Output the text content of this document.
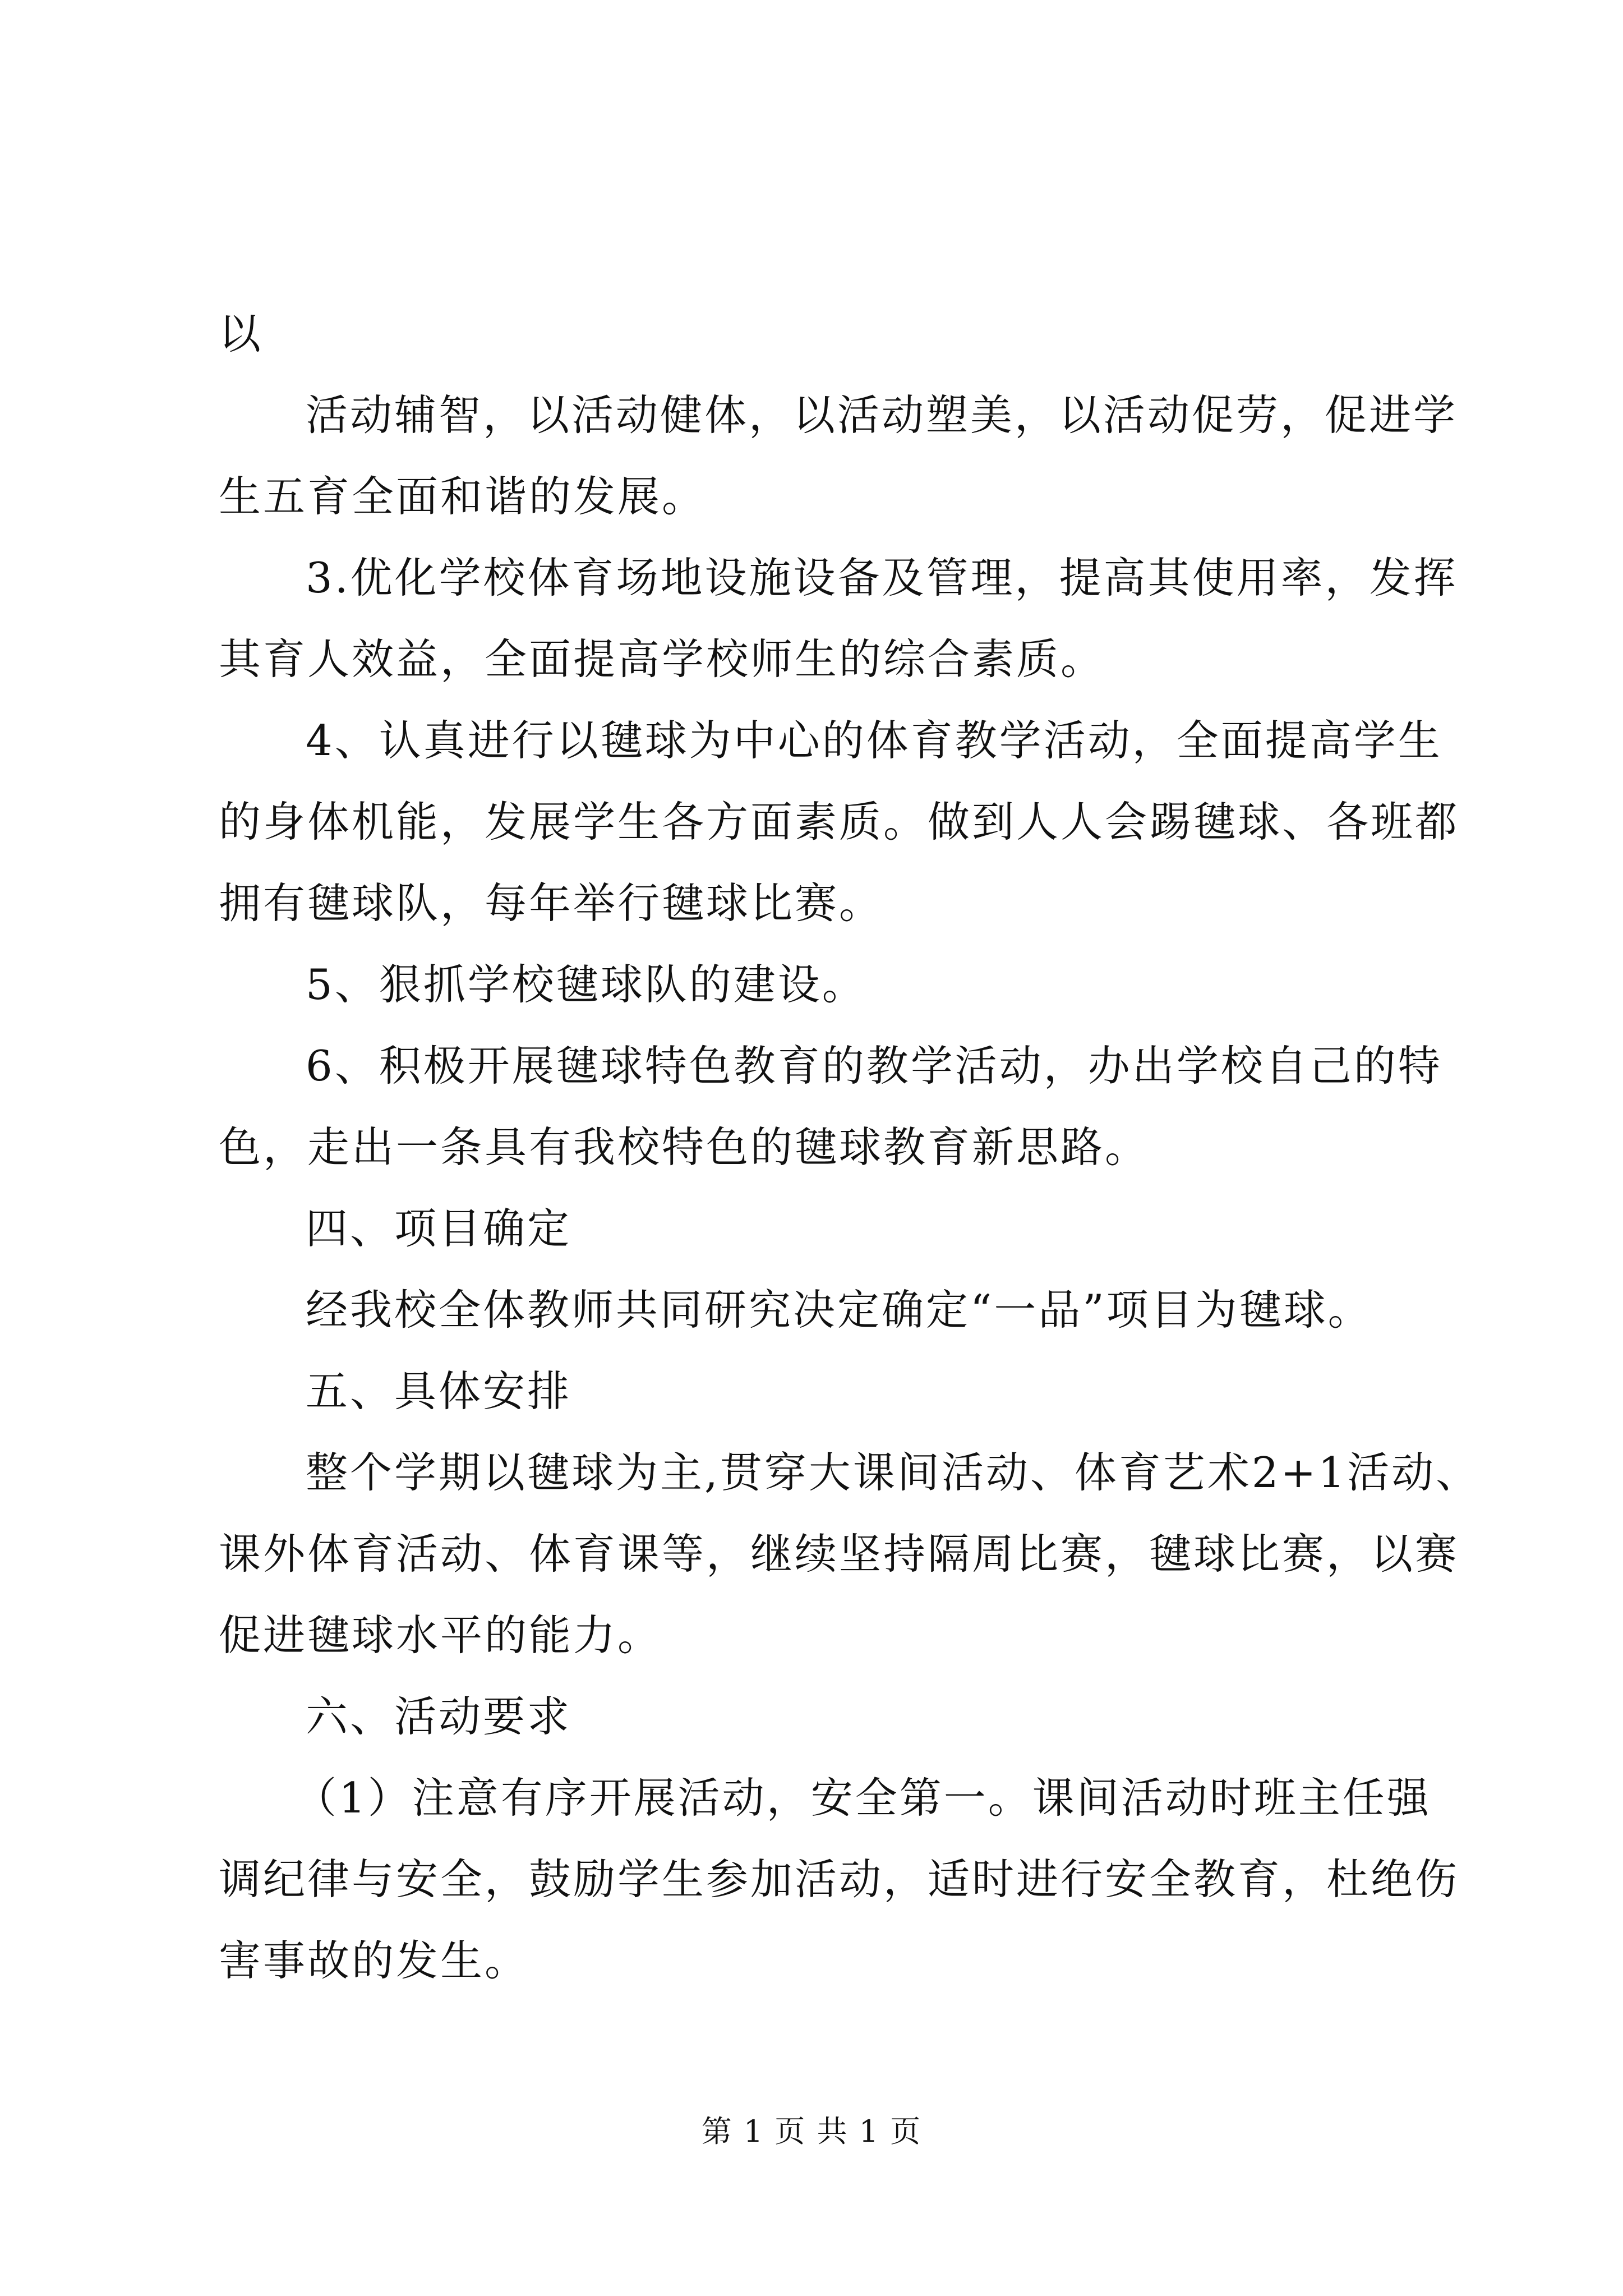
以
活动辅智，以活动健体，以活动塑美，以活动促劳，促进学
生五育全面和谐的发展。
3.优化学校体育场地设施设备及管理，提高其使用率，发挥
其育人效益，全面提高学校师生的综合素质。
4、认真进行以毽球为中心的体育教学活动，全面提高学生
的身体机能，发展学生各方面素质。做到人人会踢毽球、各班都
拥有毽球队，每年举行毽球比赛。
5、狠抓学校毽球队的建设。
6、积极开展毽球特色教育的教学活动，办出学校自己的特
色，走出一条具有我校特色的毽球教育新思路。
四、项目确定
经我校全体教师共同研究决定确定“一品”项目为毽球。
五、具体安排
整个学期以毽球为主,贯穿大课间活动、体育艺术2+1活动、
课外体育活动、体育课等，继续坚持隔周比赛，毽球比赛，以赛
促进毽球水平的能力。
六、活动要求
（1）注意有序开展活动，安全第一。课间活动时班主任强
调纪律与安全，鼓励学生参加活动，适时进行安全教育，杜绝伤
害事故的发生。
第 1 页 共 1 页
